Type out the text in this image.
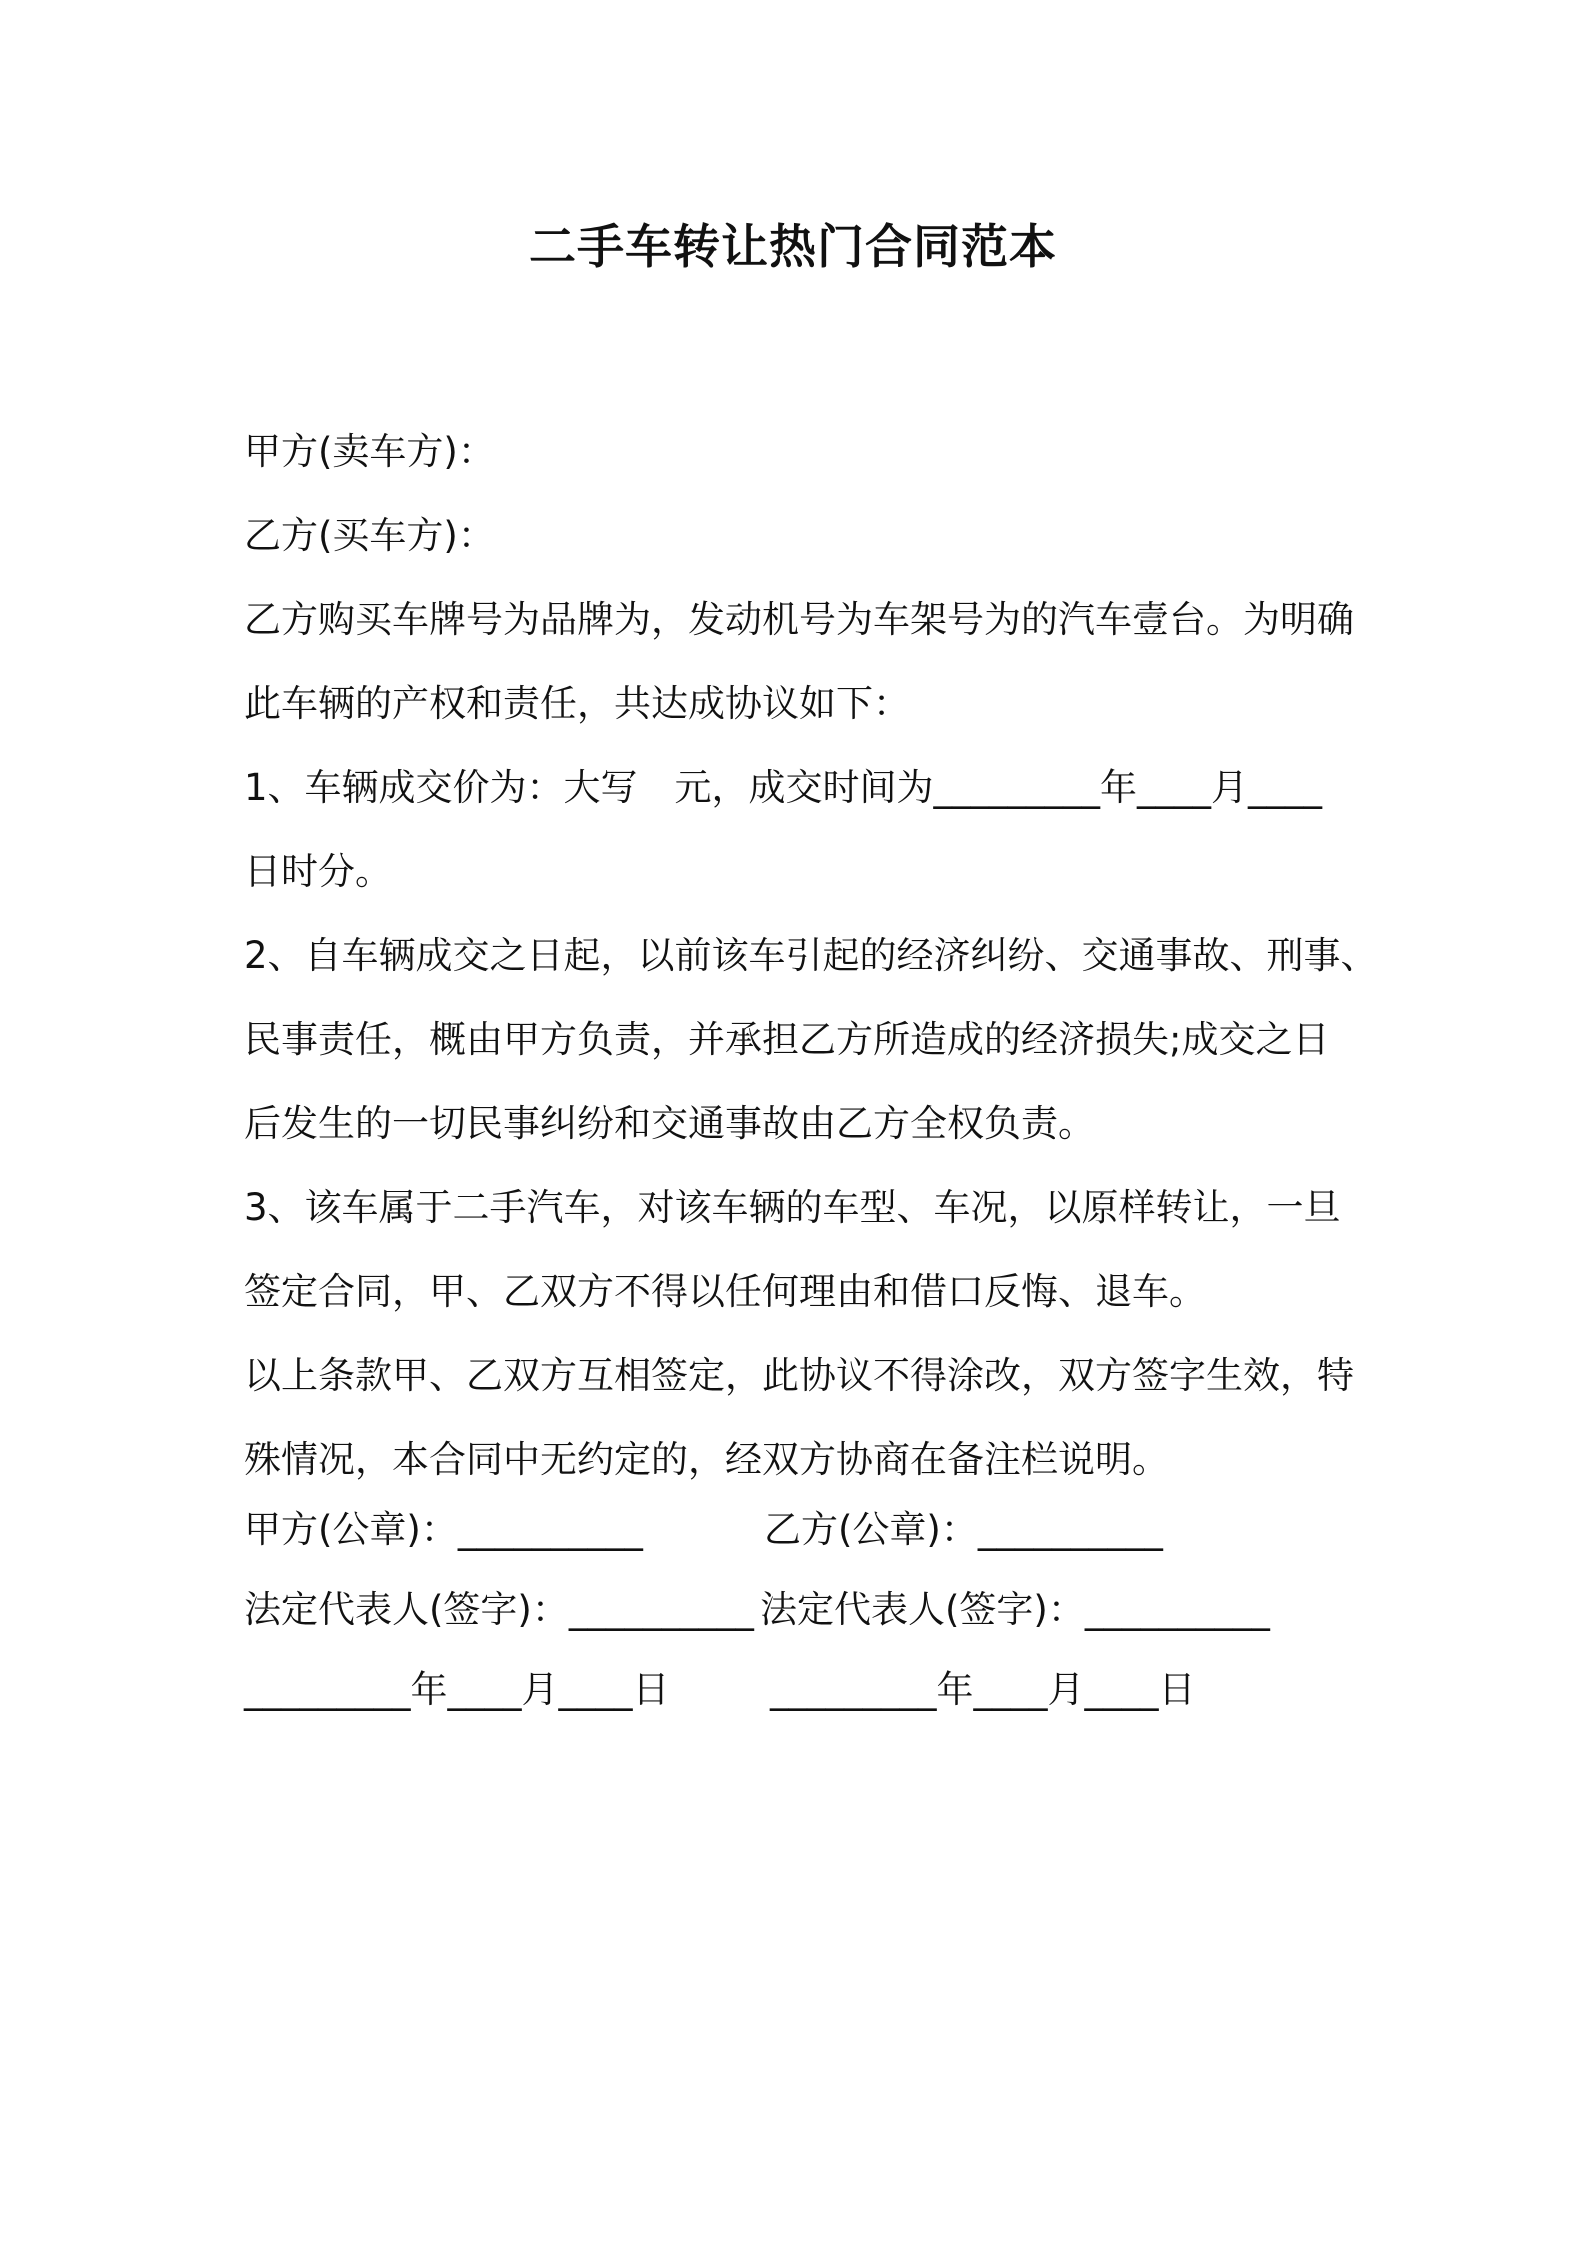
二手车转让热门合同范本

甲方(卖车方)：

乙方(买车方)：

乙方购买车牌号为品牌为，发动机号为车架号为的汽车壹台。为明确

此车辆的产权和责任，共达成协议如下：

1、车辆成交价为：大写　元，成交时间为_________年____月____

日时分。

2、自车辆成交之日起，以前该车引起的经济纠纷、交通事故、刑事、

民事责任，概由甲方负责，并承担乙方所造成的经济损失;成交之日

后发生的一切民事纠纷和交通事故由乙方全权负责。

3、该车属于二手汽车，对该车辆的车型、车况，以原样转让，一旦

签定合同，甲、乙双方不得以任何理由和借口反悔、退车。

以上条款甲、乙双方互相签定，此协议不得涂改，双方签字生效，特

殊情况，本合同中无约定的，经双方协商在备注栏说明。

甲方(公章)：__________	乙方(公章)：__________
法定代表人(签字)：__________ 法定代表人(签字)：__________
_________年____月____日	_________年____月____日
